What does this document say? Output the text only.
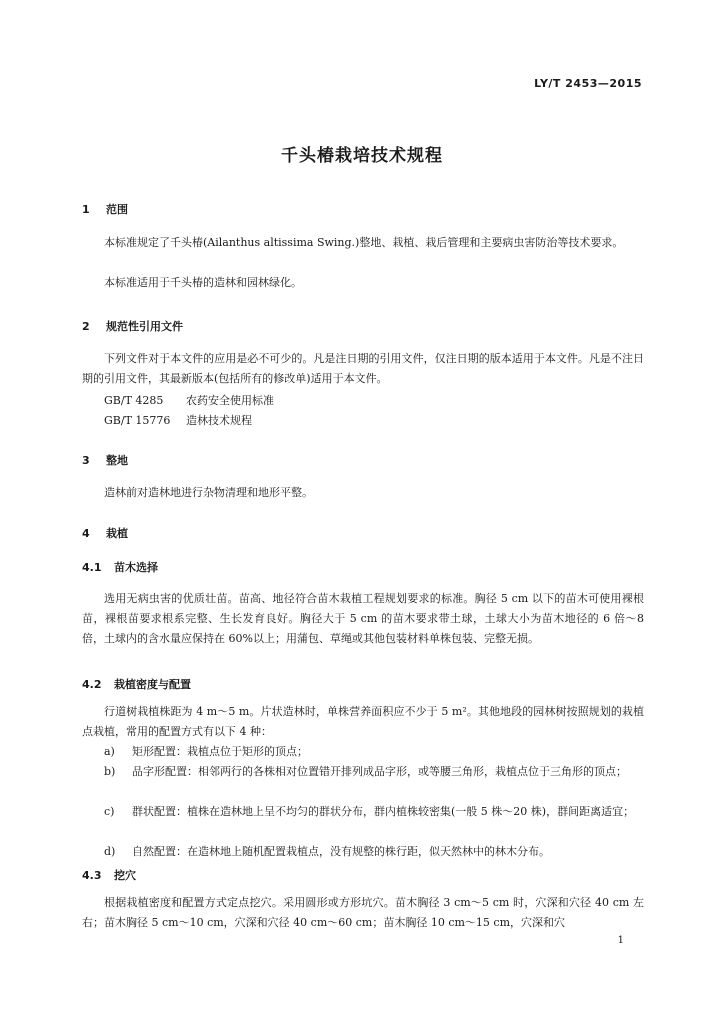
LY/T 2453—2015
千头椿栽培技术规程
1 范围
本标准规定了千头椿(Ailanthus altissima Swing.)整地、栽植、栽后管理和主要病虫害防治等技术要求。
本标准适用于千头椿的造林和园林绿化。
2 规范性引用文件
下列文件对于本文件的应用是必不可少的。凡是注日期的引用文件，仅注日期的版本适用于本文件。凡是不注日期的引用文件，其最新版本(包括所有的修改单)适用于本文件。
GB/T 4285 农药安全使用标准
GB/T 15776 造林技术规程
3 整地
造林前对造林地进行杂物清理和地形平整。
4 栽植
4.1 苗木选择
选用无病虫害的优质壮苗。苗高、地径符合苗木栽植工程规划要求的标准。胸径 5 cm 以下的苗木可使用裸根苗，裸根苗要求根系完整、生长发育良好。胸径大于 5 cm 的苗木要求带土球，土球大小为苗木地径的 6 倍～8 倍，土球内的含水量应保持在 60%以上；用蒲包、草绳或其他包装材料单株包装、完整无损。
4.2 栽植密度与配置
行道树栽植株距为 4 m～5 m。片状造林时，单株营养面积应不少于 5 m²。其他地段的园林树按照规划的栽植点栽植，常用的配置方式有以下 4 种：
a) 矩形配置：栽植点位于矩形的顶点；
b) 品字形配置：相邻两行的各株相对位置错开排列成品字形，或等腰三角形，栽植点位于三角形的顶点；
c) 群状配置：植株在造林地上呈不均匀的群状分布，群内植株较密集(一般 5 株～20 株)，群间距离适宜；
d) 自然配置：在造林地上随机配置栽植点，没有规整的株行距，似天然林中的林木分布。
4.3 挖穴
根据栽植密度和配置方式定点挖穴。采用圆形或方形坑穴。苗木胸径 3 cm～5 cm 时，穴深和穴径 40 cm 左右；苗木胸径 5 cm～10 cm，穴深和穴径 40 cm～60 cm；苗木胸径 10 cm～15 cm，穴深和穴
1
